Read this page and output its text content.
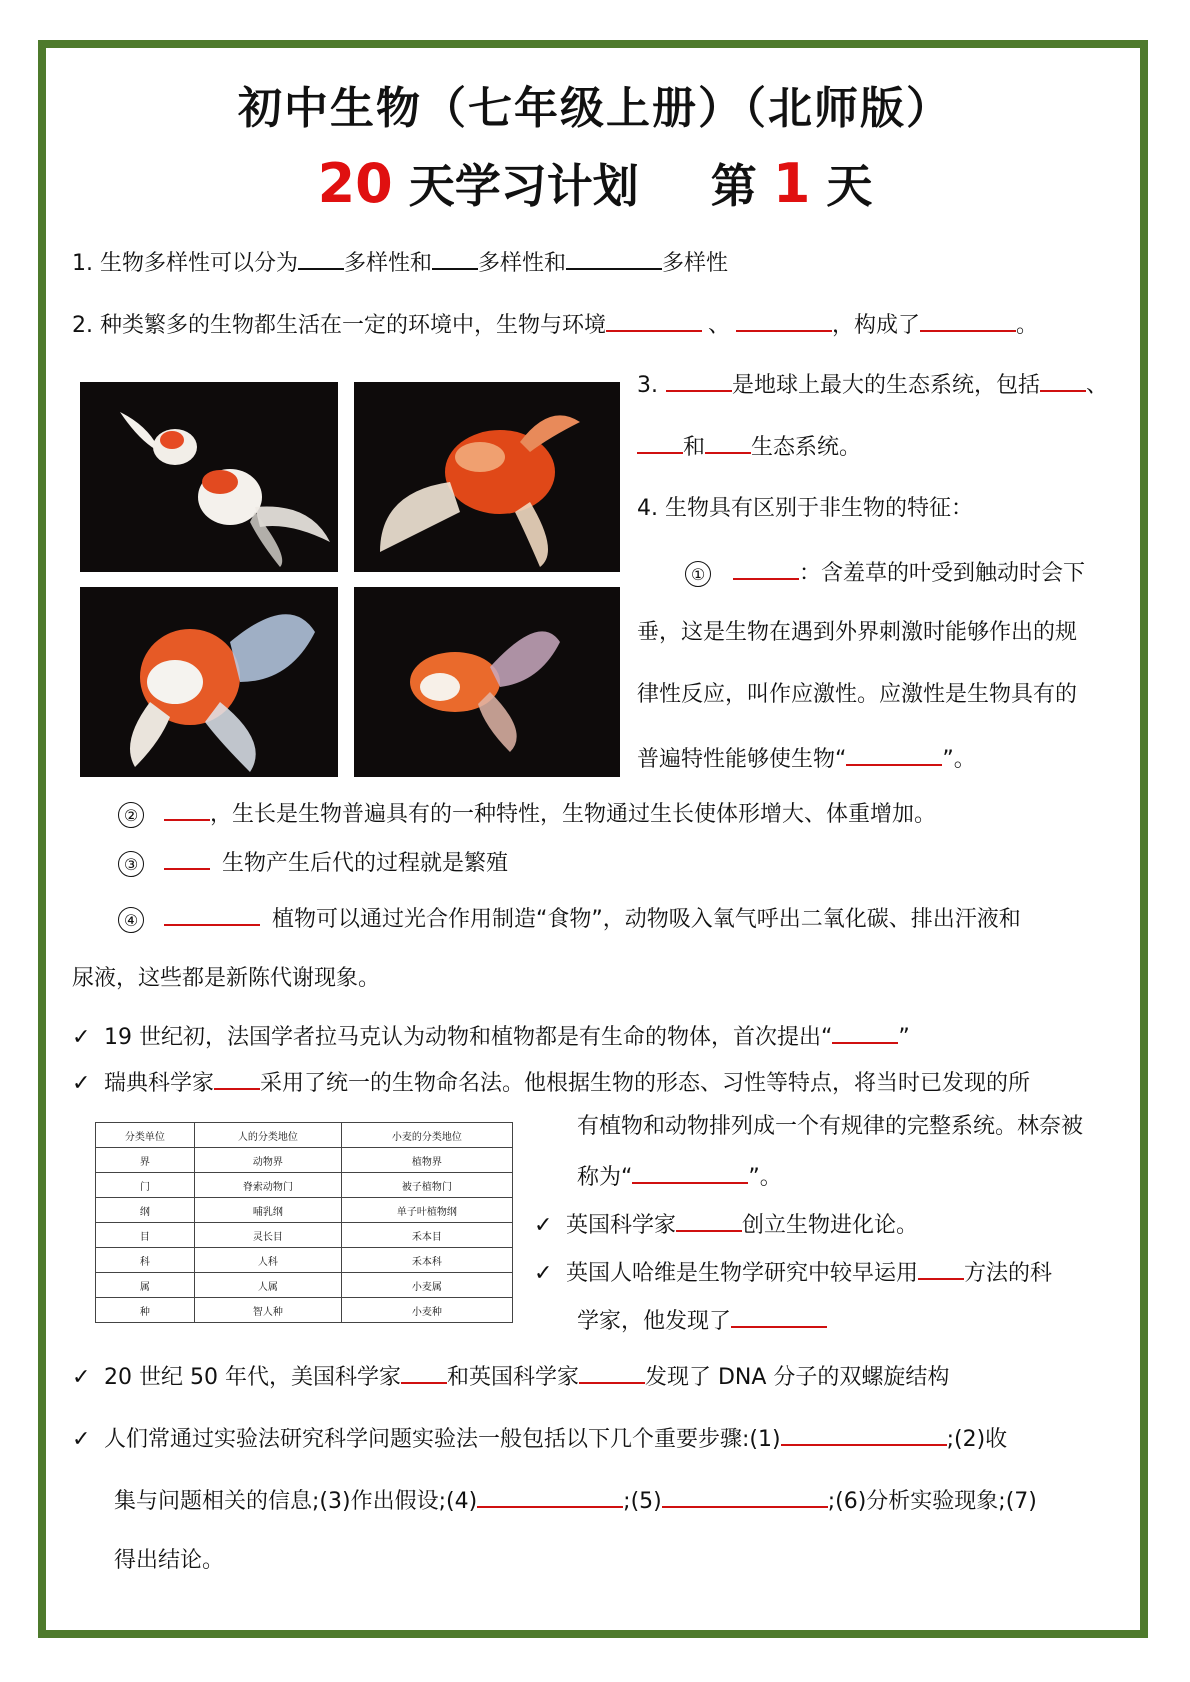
初中生物（七年级上册）（北师版）
20 天学习计划 第 1 天
1. 生物多样性可以分为 多样性和 多样性和	多样性
2. 种类繁多的生物都生活在一定的环境中，生物与环境	、	，构成了	。
3.	是地球上最大的生态系统，包括 、
和 生态系统。
4. 生物具有区别于非生物的特征：
①	：含羞草的叶受到触动时会下
垂，这是生物在遇到外界刺激时能够作出的规
律性反应，叫作应激性。应激性是生物具有的
普遍特性能够使生物“	”。
②	，生长是生物普遍具有的一种特性，生物通过生长使体形增大、体重增加。
③	生物产生后代的过程就是繁殖
④	植物可以通过光合作用制造“食物”，动物吸入氧气呼出二氧化碳、排出汗液和
尿液，这些都是新陈代谢现象。
✓ 19 世纪初，法国学者拉马克认为动物和植物都是有生命的物体，首次提出“	”
✓ 瑞典科学家 采用了统一的生物命名法。他根据生物的形态、习性等特点，将当时已发现的所
分类单位	人的分类地位	小麦的分类地位
界	动物界	植物界
门	脊索动物门	被子植物门
纲	哺乳纲	单子叶植物纲
目	灵长目	禾本目
科	人科	禾本科
属	人属	小麦属
种	智人种	小麦种
有植物和动物排列成一个有规律的完整系统。林奈被
称为“	”。
✓ 英国科学家	创立生物进化论。
✓ 英国人哈维是生物学研究中较早运用 方法的科
学家，他发现了
✓ 20 世纪 50 年代，美国科学家 和英国科学家	发现了 DNA 分子的双螺旋结构
✓ 人们常通过实验法研究科学问题实验法一般包括以下几个重要步骤:(1)	;(2)收
集与问题相关的信息;(3)作出假设;(4)	;(5)	;(6)分析实验现象;(7)
得出结论。
